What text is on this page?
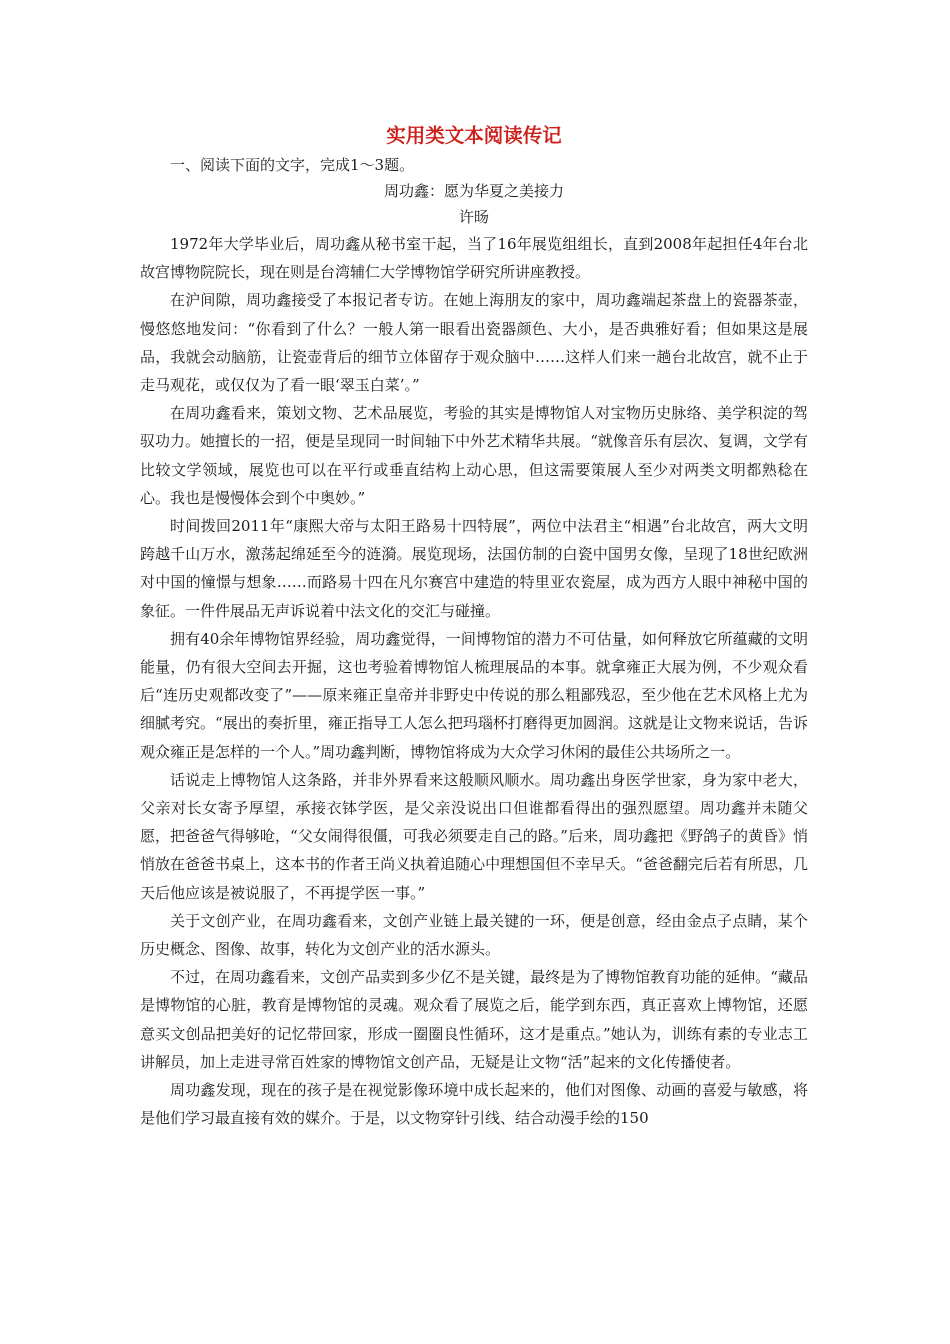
实用类文本阅读传记

一、阅读下面的文字，完成1～3题。

周功鑫：愿为华夏之美接力

许旸

1972年大学毕业后，周功鑫从秘书室干起，当了16年展览组组长，直到2008年起担任4年台北故宫博物院院长，现在则是台湾辅仁大学博物馆学研究所讲座教授。

在沪间隙，周功鑫接受了本报记者专访。在她上海朋友的家中，周功鑫端起茶盘上的瓷器茶壶，慢悠悠地发问：“你看到了什么？一般人第一眼看出瓷器颜色、大小，是否典雅好看；但如果这是展品，我就会动脑筋，让瓷壶背后的细节立体留存于观众脑中……这样人们来一趟台北故宫，就不止于走马观花，或仅仅为了看一眼‘翠玉白菜’。”

在周功鑫看来，策划文物、艺术品展览，考验的其实是博物馆人对宝物历史脉络、美学积淀的驾驭功力。她擅长的一招，便是呈现同一时间轴下中外艺术精华共展。“就像音乐有层次、复调，文学有比较文学领域，展览也可以在平行或垂直结构上动心思，但这需要策展人至少对两类文明都熟稔在心。我也是慢慢体会到个中奥妙。”

时间拨回2011年“康熙大帝与太阳王路易十四特展”，两位中法君主“相遇”台北故宫，两大文明跨越千山万水，激荡起绵延至今的涟漪。展览现场，法国仿制的白瓷中国男女像，呈现了18世纪欧洲对中国的憧憬与想象……而路易十四在凡尔赛宫中建造的特里亚农瓷屋，成为西方人眼中神秘中国的象征。一件件展品无声诉说着中法文化的交汇与碰撞。

拥有40余年博物馆界经验，周功鑫觉得，一间博物馆的潜力不可估量，如何释放它所蕴藏的文明能量，仍有很大空间去开掘，这也考验着博物馆人梳理展品的本事。就拿雍正大展为例，不少观众看后“连历史观都改变了”——原来雍正皇帝并非野史中传说的那么粗鄙残忍，至少他在艺术风格上尤为细腻考究。“展出的奏折里，雍正指导工人怎么把玛瑙杯打磨得更加圆润。这就是让文物来说话，告诉观众雍正是怎样的一个人。”周功鑫判断，博物馆将成为大众学习休闲的最佳公共场所之一。

话说走上博物馆人这条路，并非外界看来这般顺风顺水。周功鑫出身医学世家，身为家中老大，父亲对长女寄予厚望，承接衣钵学医，是父亲没说出口但谁都看得出的强烈愿望。周功鑫并未随父愿，把爸爸气得够呛，“父女闹得很僵，可我必须要走自己的路。”后来，周功鑫把《野鸽子的黄昏》悄悄放在爸爸书桌上，这本书的作者王尚义执着追随心中理想国但不幸早夭。“爸爸翻完后若有所思，几天后他应该是被说服了，不再提学医一事。”

关于文创产业，在周功鑫看来，文创产业链上最关键的一环，便是创意，经由金点子点睛，某个历史概念、图像、故事，转化为文创产业的活水源头。

不过，在周功鑫看来，文创产品卖到多少亿不是关键，最终是为了博物馆教育功能的延伸。“藏品是博物馆的心脏，教育是博物馆的灵魂。观众看了展览之后，能学到东西，真正喜欢上博物馆，还愿意买文创品把美好的记忆带回家，形成一圈圈良性循环，这才是重点。”她认为，训练有素的专业志工讲解员，加上走进寻常百姓家的博物馆文创产品，无疑是让文物“活”起来的文化传播使者。

周功鑫发现，现在的孩子是在视觉影像环境中成长起来的，他们对图像、动画的喜爱与敏感，将是他们学习最直接有效的媒介。于是，以文物穿针引线、结合动漫手绘的150
